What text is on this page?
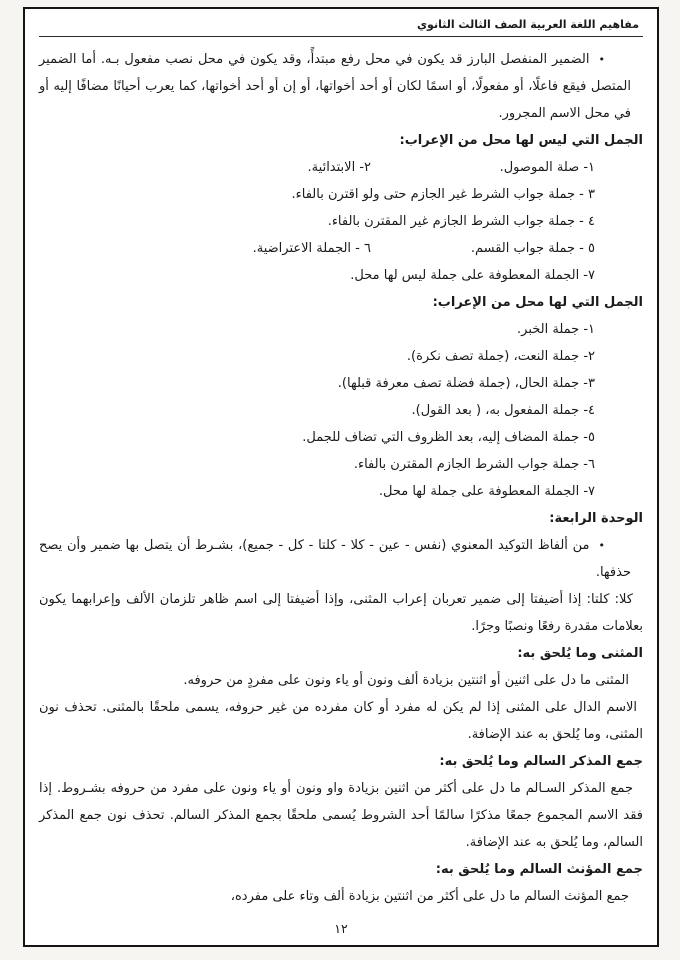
مفاهيم اللغة العربية الصف الثالث الثانوي

•الضمير المنفصل البارز قد يكون في محل رفع مبتدأً، وقد يكون في محل نصب مفعول بـه. أما الضمير المتصل فيقع فاعلًا، أو مفعولًا، أو اسمًا لكان أو أحد أخواتها، أو إن أو أحد أخواتها، كما يعرب أحيانًا مضافًا إليه أو في محل الاسم المجرور.

الجمل التي ليس لها محل من الإعراب:
١- صلة الموصول.
٢- الابتدائية.
٣ - جملة جواب الشرط غير الجازم حتى ولو اقترن بالفاء.
٤ - جملة جواب الشرط الجازم غير المقترن بالفاء.
٥ - جملة جواب القسم.
٦ - الجملة الاعتراضية.
٧- الجملة المعطوفة على جملة ليس لها محل.
الجمل التي لها محل من الإعراب:
١- جملة الخبر.
٢- جملة النعت، (جملة تصف نكرة).
٣- جملة الحال، (جملة فضلة تصف معرفة قبلها).
٤- جملة المفعول به، ( بعد القول).
٥- جملة المضاف إليه، بعد الظروف التي تضاف للجمل.
٦- جملة جواب الشرط الجازم المقترن بالفاء.
٧- الجملة المعطوفة على جملة لها محل.
الوحدة الرابعة:

•من ألفاظ التوكيد المعنوي (نفس - عين - كلا - كلتا - كل - جميع)، بشـرط أن يتصل بها ضمير وأن يصح حذفها.

كلا: كلتا: إذا أضيفتا إلى ضمير تعربان إعراب المثنى، وإذا أضيفتا إلى اسم ظاهر تلزمان الألف وإعرابهما يكون بعلامات مقدرة رفعًا ونصبًا وجرًا.

المثنى وما يُلحق به:

المثنى ما دل على اثنين أو اثنتين بزيادة ألف ونون أو ياء ونون على مفردٍ من حروفه.

الاسم الدال على المثنى إذا لم يكن له مفرد أو كان مفرده من غير حروفه، يسمى ملحقًا بالمثنى. تحذف نون المثنى، وما يُلحق به عند الإضافة.

جمع المذكر السالم وما يُلحق به:

جمع المذكر السـالم ما دل على أكثر من اثنين بزيادة واو ونون أو ياء ونون على مفرد من حروفه بشـروط. إذا فقد الاسم المجموع جمعًا مذكرًا سالمًا أحد الشروط يُسمى ملحقًا بجمع المذكر السالم. تحذف نون جمع المذكر السالم، وما يُلحق به عند الإضافة.

جمع المؤنث السالم وما يُلحق به:

جمع المؤنث السالم ما دل على أكثر من اثنتين بزيادة ألف وتاء على مفرده،

١٢
